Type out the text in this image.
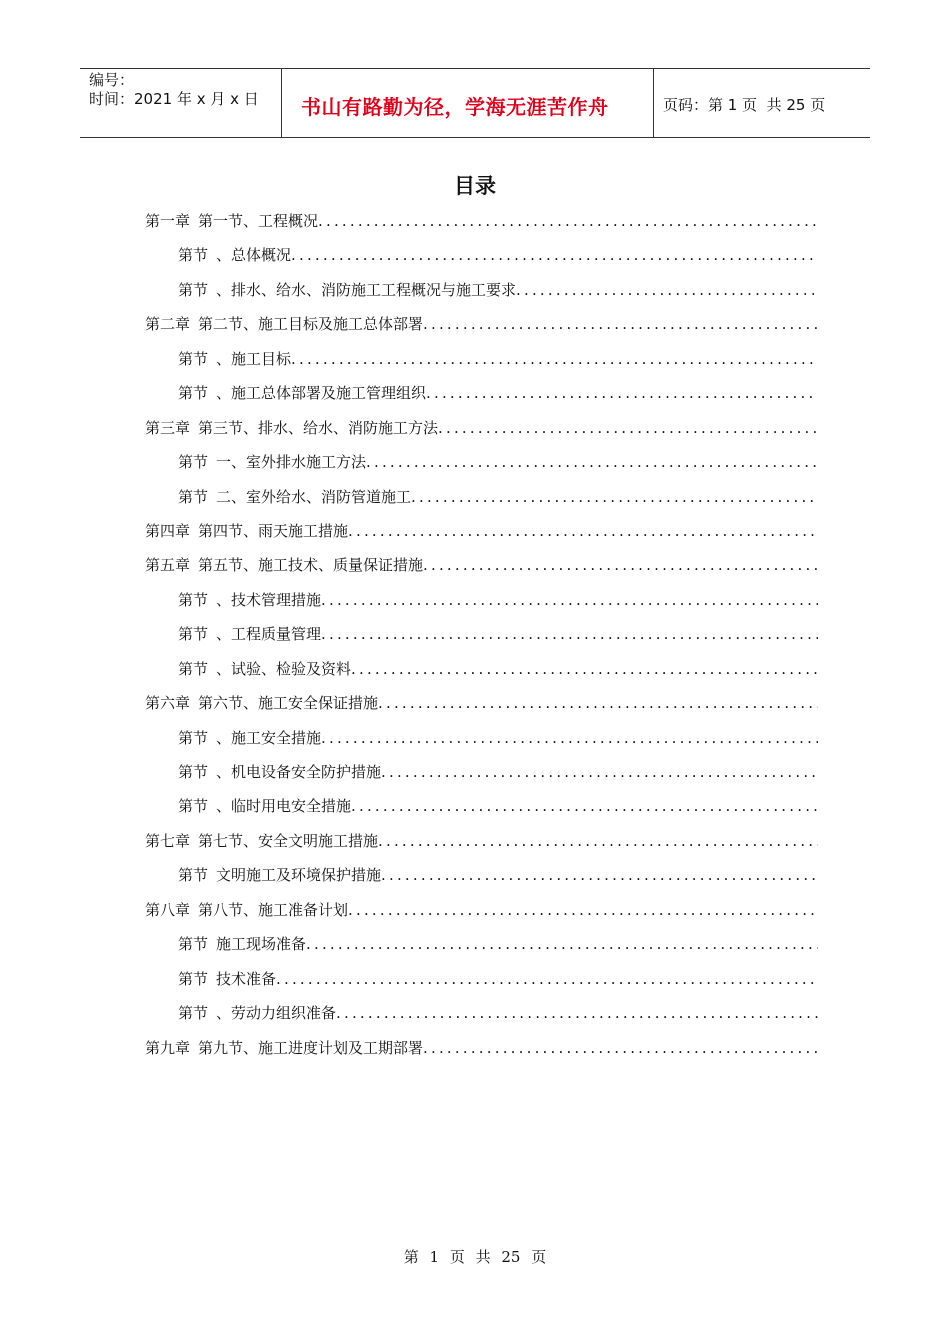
编号：
时间：2021 年 x 月 x 日	书山有路勤为径，学海无涯苦作舟	页码：第 1 页  共 25 页
目录
第一章 第一节、工程概况
.....
第节 、总体概况
.....
第节 、排水、给水、消防施工工程概况与施工要求
.....
第二章 第二节、施工目标及施工总体部署
.....
第节 、施工目标
.....
第节 、施工总体部署及施工管理组织
.....
第三章 第三节、排水、给水、消防施工方法
.....
第节 一、室外排水施工方法
.....
第节 二、室外给水、消防管道施工
.....
第四章 第四节、雨天施工措施
.....
第五章 第五节、施工技术、质量保证措施
.....
第节 、技术管理措施
.....
第节 、工程质量管理
.....
第节 、试验、检验及资料
.....
第六章 第六节、施工安全保证措施
.....
第节 、施工安全措施
.....
第节 、机电设备安全防护措施
.....
第节 、临时用电安全措施
.....
第七章 第七节、安全文明施工措施
.....
第节 文明施工及环境保护措施
.....
第八章 第八节、施工准备计划
.....
第节 施工现场准备
.....
第节 技术准备
.....
第节 、劳动力组织准备
.....
第九章 第九节、施工进度计划及工期部署
.....
第 1 页 共 25 页
